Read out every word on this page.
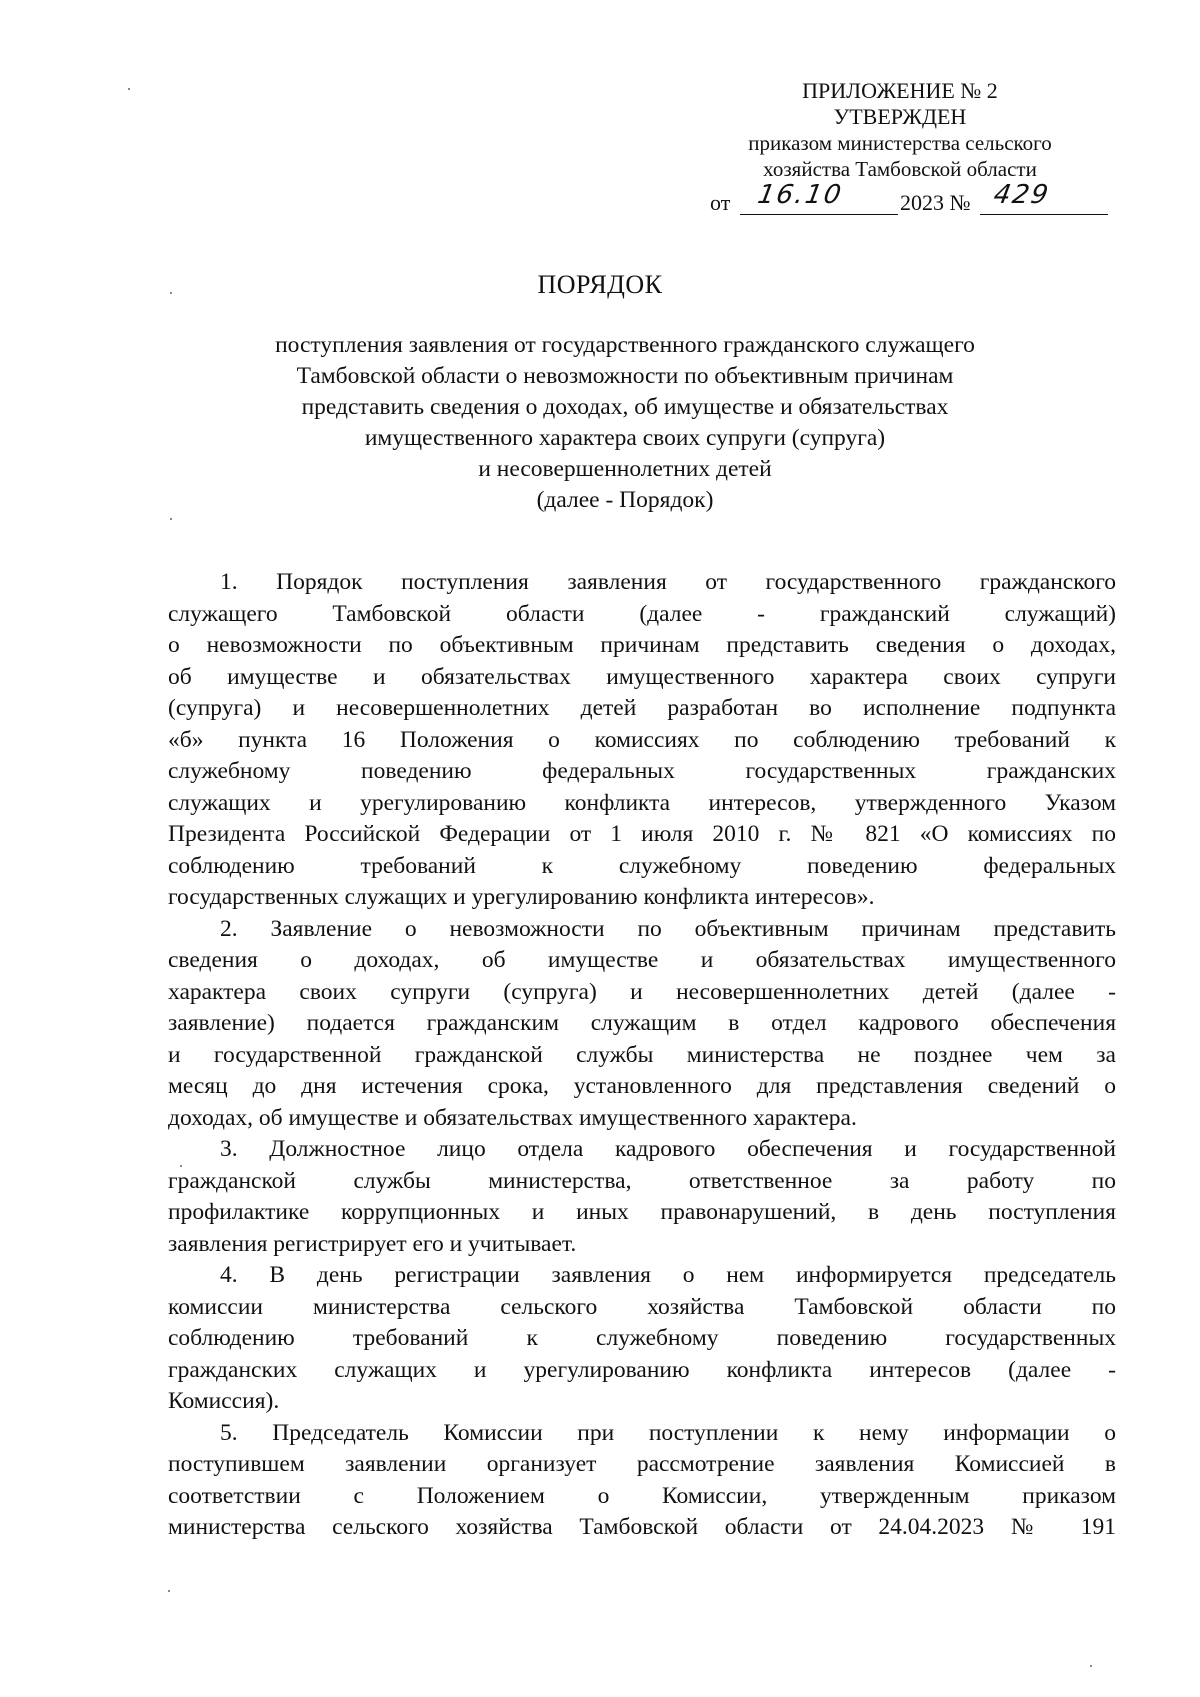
ПРИЛОЖЕНИЕ № 2
УТВЕРЖДЕН
приказом министерства сельского
хозяйства Тамбовской области
от 16.10 2023 № 429
ПОРЯДОК
поступления заявления от государственного гражданского служащего
Тамбовской области о невозможности по объективным причинам
представить сведения о доходах, об имуществе и обязательствах
имущественного характера своих супруги (супруга)
и несовершеннолетних детей
(далее - Порядок)
1. Порядок поступления заявления от государственного гражданского
служащего Тамбовской области (далее - гражданский служащий)
о невозможности по объективным причинам представить сведения о доходах,
об имуществе и обязательствах имущественного характера своих супруги
(супруга) и несовершеннолетних детей разработан во исполнение подпункта
«б» пункта 16 Положения о комиссиях по соблюдению требований к
служебному поведению федеральных государственных гражданских
служащих и урегулированию конфликта интересов, утвержденного Указом
Президента Российской Федерации от 1 июля 2010 г. № 821 «О комиссиях по
соблюдению требований к служебному поведению федеральных
государственных служащих и урегулированию конфликта интересов».
2. Заявление о невозможности по объективным причинам представить
сведения о доходах, об имуществе и обязательствах имущественного
характера своих супруги (супруга) и несовершеннолетних детей (далее -
заявление) подается гражданским служащим в отдел кадрового обеспечения
и государственной гражданской службы министерства не позднее чем за
месяц до дня истечения срока, установленного для представления сведений о
доходах, об имуществе и обязательствах имущественного характера.
3. Должностное лицо отдела кадрового обеспечения и государственной
гражданской службы министерства, ответственное за работу по
профилактике коррупционных и иных правонарушений, в день поступления
заявления регистрирует его и учитывает.
4. В день регистрации заявления о нем информируется председатель
комиссии министерства сельского хозяйства Тамбовской области по
соблюдению требований к служебному поведению государственных
гражданских служащих и урегулированию конфликта интересов (далее -
Комиссия).
5. Председатель Комиссии при поступлении к нему информации о
поступившем заявлении организует рассмотрение заявления Комиссией в
соответствии с Положением о Комиссии, утвержденным приказом
министерства сельского хозяйства Тамбовской области от 24.04.2023 № 191
